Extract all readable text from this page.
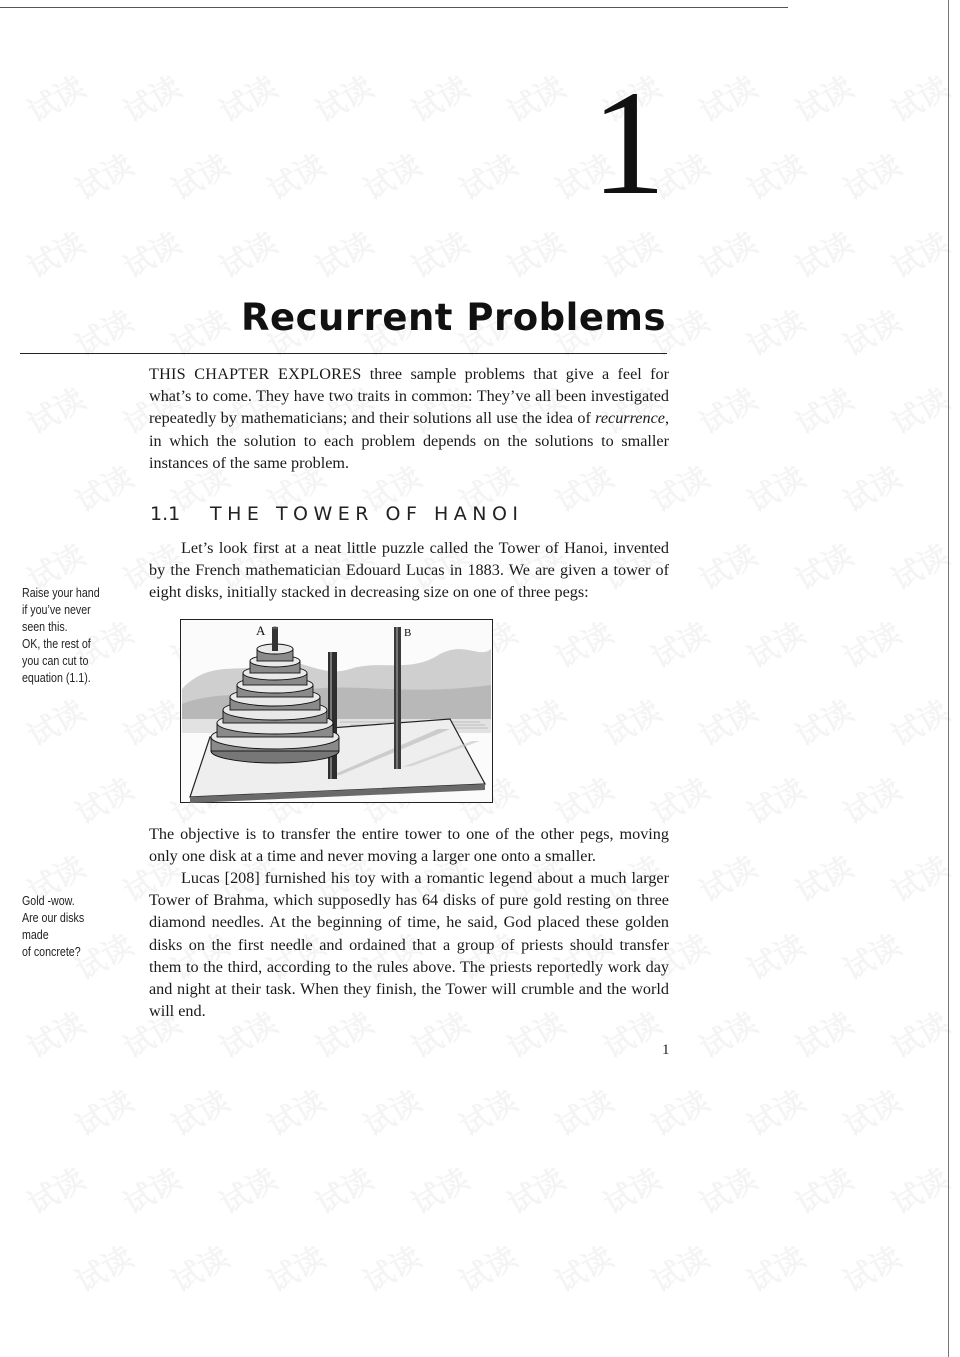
1
Recurrent Problems

THIS CHAPTER EXPLORES three sample problems that give a feel for what’s to come. They have two traits in common: They’ve all been investigated repeatedly by mathematicians; and their solutions all use the idea of recurrence, in which the solution to each problem depends on the solutions to smaller instances of the same problem.

1.1 THE TOWER OF HANOI

Let’s look first at a neat little puzzle called the Tower of Hanoi, invented by the French mathematician Edouard Lucas in 1883. We are given a tower of eight disks, initially stacked in decreasing size on one of three pegs:

Raise your hand
if you’ve never
seen this.
OK, the rest of
you can cut to
equation (1.1).
A	B

The objective is to transfer the entire tower to one of the other pegs, moving only one disk at a time and never moving a larger one onto a smaller.

Lucas [208] furnished his toy with a romantic legend about a much larger Tower of Brahma, which supposedly has 64 disks of pure gold resting on three diamond needles. At the beginning of time, he said, God placed these golden disks on the first needle and ordained that a group of priests should transfer them to the third, according to the rules above. The priests reportedly work day and night at their task. When they finish, the Tower will crumble and the world will end.

Gold -wow.
Are our disks made
of concrete?
1
